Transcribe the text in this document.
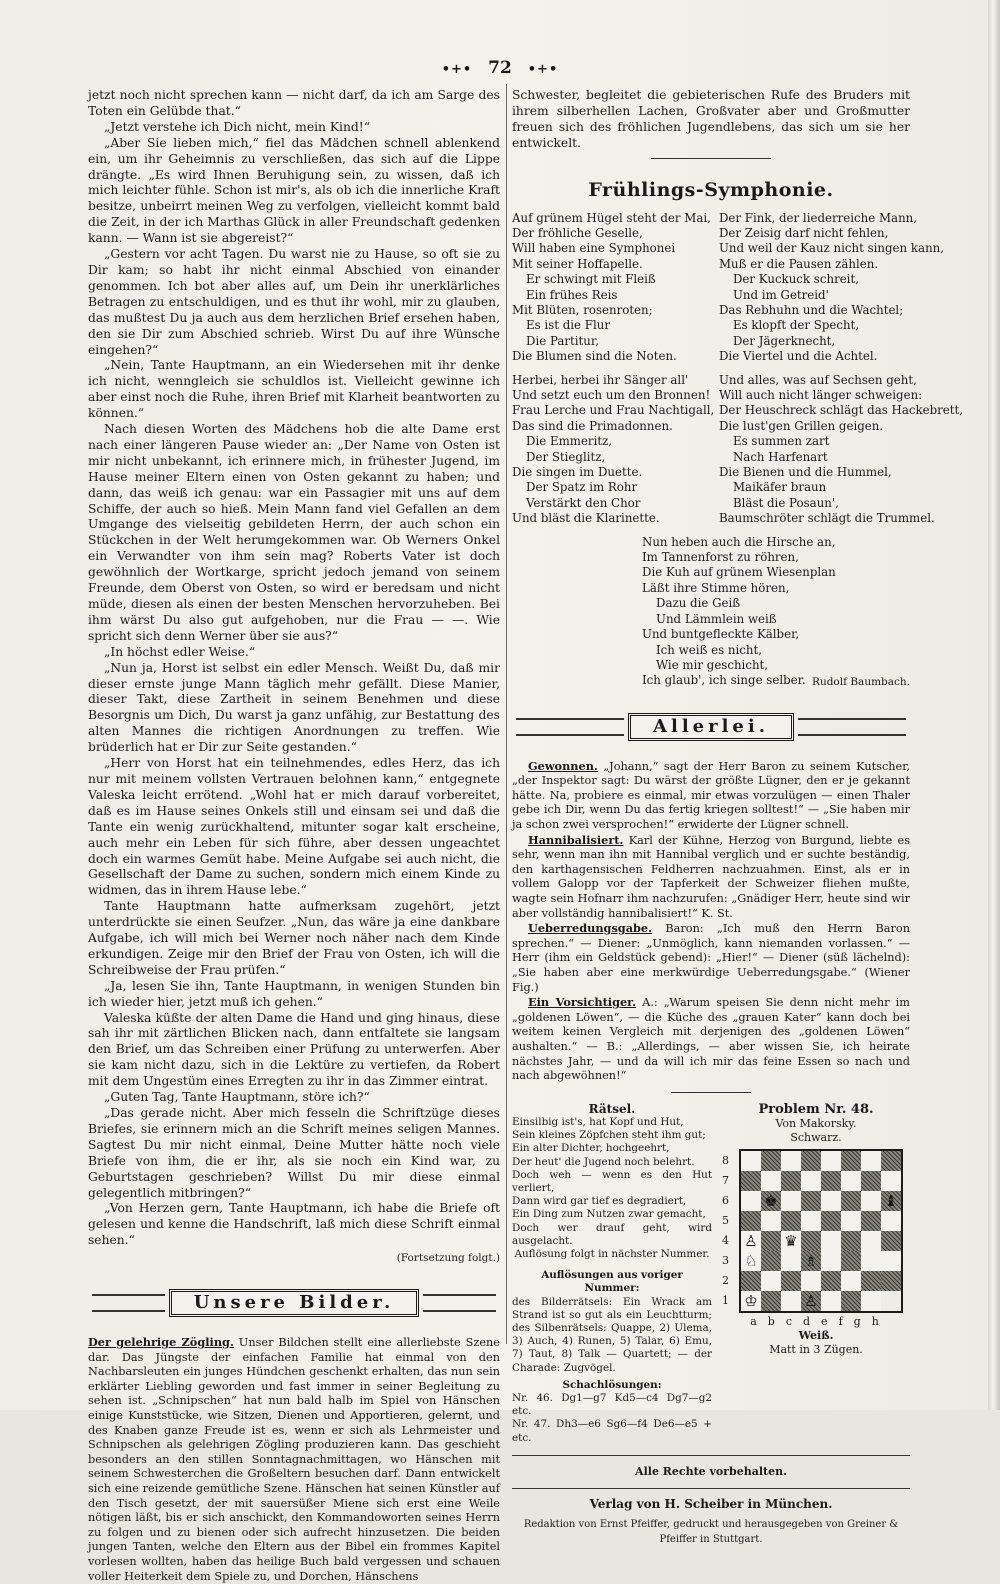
•+• 72 •+•

jetzt noch nicht sprechen kann — nicht darf, da ich am Sarge des Toten ein Gelübde that.“

„Jetzt verstehe ich Dich nicht, mein Kind!“

„Aber Sie lieben mich,“ fiel das Mädchen schnell ablenkend ein, um ihr Geheimnis zu verschließen, das sich auf die Lippe drängte. „Es wird Ihnen Beruhigung sein, zu wissen, daß ich mich leichter fühle. Schon ist mir's, als ob ich die innerliche Kraft besitze, unbeirrt meinen Weg zu verfolgen, vielleicht kommt bald die Zeit, in der ich Marthas Glück in aller Freundschaft gedenken kann. — Wann ist sie abgereist?“

„Gestern vor acht Tagen. Du warst nie zu Hause, so oft sie zu Dir kam; so habt ihr nicht einmal Abschied von einander genommen. Ich bot aber alles auf, um Dein ihr unerklärliches Betragen zu entschuldigen, und es thut ihr wohl, mir zu glauben, das mußtest Du ja auch aus dem herzlichen Brief ersehen haben, den sie Dir zum Abschied schrieb. Wirst Du auf ihre Wünsche eingehen?“

„Nein, Tante Hauptmann, an ein Wiedersehen mit ihr denke ich nicht, wenngleich sie schuldlos ist. Vielleicht gewinne ich aber einst noch die Ruhe, ihren Brief mit Klarheit beantworten zu können.“

Nach diesen Worten des Mädchens hob die alte Dame erst nach einer längeren Pause wieder an: „Der Name von Osten ist mir nicht unbekannt, ich erinnere mich, in frühester Jugend, im Hause meiner Eltern einen von Osten gekannt zu haben; und dann, das weiß ich genau: war ein Passagier mit uns auf dem Schiffe, der auch so hieß. Mein Mann fand viel Gefallen an dem Umgange des vielseitig gebildeten Herrn, der auch schon ein Stückchen in der Welt herumgekommen war. Ob Werners Onkel ein Verwandter von ihm sein mag? Roberts Vater ist doch gewöhnlich der Wortkarge, spricht jedoch jemand von seinem Freunde, dem Oberst von Osten, so wird er beredsam und nicht müde, diesen als einen der besten Menschen hervorzuheben. Bei ihm wärst Du also gut aufgehoben, nur die Frau — —. Wie spricht sich denn Werner über sie aus?“

„In höchst edler Weise.“

„Nun ja, Horst ist selbst ein edler Mensch. Weißt Du, daß mir dieser ernste junge Mann täglich mehr gefällt. Diese Manier, dieser Takt, diese Zartheit in seinem Benehmen und diese Besorgnis um Dich, Du warst ja ganz unfähig, zur Bestattung des alten Mannes die richtigen Anordnungen zu treffen. Wie brüderlich hat er Dir zur Seite gestanden.“

„Herr von Horst hat ein teilnehmendes, edles Herz, das ich nur mit meinem vollsten Vertrauen belohnen kann,“ entgegnete Valeska leicht errötend. „Wohl hat er mich darauf vorbereitet, daß es im Hause seines Onkels still und einsam sei und daß die Tante ein wenig zurückhaltend, mitunter sogar kalt erscheine, auch mehr ein Leben für sich führe, aber dessen ungeachtet doch ein warmes Gemüt habe. Meine Aufgabe sei auch nicht, die Gesellschaft der Dame zu suchen, sondern mich einem Kinde zu widmen, das in ihrem Hause lebe.“

Tante Hauptmann hatte aufmerksam zugehört, jetzt unterdrückte sie einen Seufzer. „Nun, das wäre ja eine dankbare Aufgabe, ich will mich bei Werner noch näher nach dem Kinde erkundigen. Zeige mir den Brief der Frau von Osten, ich will die Schreibweise der Frau prüfen.“

„Ja, lesen Sie ihn, Tante Hauptmann, in wenigen Stunden bin ich wieder hier, jetzt muß ich gehen.“

Valeska küßte der alten Dame die Hand und ging hinaus, diese sah ihr mit zärtlichen Blicken nach, dann entfaltete sie langsam den Brief, um das Schreiben einer Prüfung zu unterwerfen. Aber sie kam nicht dazu, sich in die Lektüre zu vertiefen, da Robert mit dem Ungestüm eines Erregten zu ihr in das Zimmer eintrat.

„Guten Tag, Tante Hauptmann, störe ich?“

„Das gerade nicht. Aber mich fesseln die Schriftzüge dieses Briefes, sie erinnern mich an die Schrift meines seligen Mannes. Sagtest Du mir nicht einmal, Deine Mutter hätte noch viele Briefe von ihm, die er ihr, als sie noch ein Kind war, zu Geburtstagen geschrieben? Willst Du mir diese einmal gelegentlich mitbringen?“

„Von Herzen gern, Tante Hauptmann, ich habe die Briefe oft gelesen und kenne die Handschrift, laß mich diese Schrift einmal sehen.“

(Fortsetzung folgt.)
Unsere Bilder.
Der gelehrige Zögling. Unser Bildchen stellt eine allerliebste Szene dar. Das Jüngste der einfachen Familie hat einmal von den Nachbarsleuten ein junges Hündchen geschenkt erhalten, das nun sein erklärter Liebling geworden und fast immer in seiner Begleitung zu sehen ist. „Schnipschen“ hat nun bald halb im Spiel von Hänschen einige Kunststücke, wie Sitzen, Dienen und Apportieren, gelernt, und des Knaben ganze Freude ist es, wenn er sich als Lehrmeister und Schnipschen als gelehrigen Zögling produzieren kann. Das geschieht besonders an den stillen Sonntagnachmittagen, wo Hänschen mit seinem Schwesterchen die Großeltern besuchen darf. Dann entwickelt sich eine reizende gemütliche Szene. Hänschen hat seinen Künstler auf den Tisch gesetzt, der mit sauersüßer Miene sich erst eine Weile nötigen läßt, bis er sich anschickt, den Kommandoworten seines Herrn zu folgen und zu bienen oder sich aufrecht hinzusetzen. Die beiden jungen Tanten, welche den Eltern aus der Bibel ein frommes Kapitel vorlesen wollten, haben das heilige Buch bald vergessen und schauen voller Heiterkeit dem Spiele zu, und Dorchen, Hänschens

Schwester, begleitet die gebieterischen Rufe des Bruders mit ihrem silberhellen Lachen, Großvater aber und Großmutter freuen sich des fröhlichen Jugendlebens, das sich um sie her entwickelt.

Frühlings-Symphonie.
Auf grünem Hügel steht der Mai,
Der fröhliche Geselle,
Will haben eine Symphonei
Mit seiner Hoffapelle.
Er schwingt mit Fleiß
Ein frühes Reis
Mit Blüten, rosenroten;
Es ist die Flur
Die Partitur,
Die Blumen sind die Noten.
Der Fink, der liederreiche Mann,
Der Zeisig darf nicht fehlen,
Und weil der Kauz nicht singen kann,
Muß er die Pausen zählen.
Der Kuckuck schreit,
Und im Getreid'
Das Rebhuhn und die Wachtel;
Es klopft der Specht,
Der Jägerknecht,
Die Viertel und die Achtel.
Herbei, herbei ihr Sänger all'
Und setzt euch um den Bronnen!
Frau Lerche und Frau Nachtigall,
Das sind die Primadonnen.
Die Emmeritz,
Der Stieglitz,
Die singen im Duette.
Der Spatz im Rohr
Verstärkt den Chor
Und bläst die Klarinette.
Und alles, was auf Sechsen geht,
Will auch nicht länger schweigen:
Der Heuschreck schlägt das Hackebrett,
Die lust'gen Grillen geigen.
Es summen zart
Nach Harfenart
Die Bienen und die Hummel,
Maikäfer braun
Bläst die Posaun',
Baumschröter schlägt die Trummel.
Nun heben auch die Hirsche an,
Im Tannenforst zu röhren,
Die Kuh auf grünem Wiesenplan
Läßt ihre Stimme hören,
Dazu die Geiß
Und Lämmlein weiß
Und buntgefleckte Kälber,
Ich weiß es nicht,
Wie mir geschicht,
Ich glaub', ich singe selber. Rudolf Baumbach.
Allerlei.

Gewonnen. „Johann,“ sagt der Herr Baron zu seinem Kutscher, „der Inspektor sagt: Du wärst der größte Lügner, den er je gekannt hätte. Na, probiere es einmal, mir etwas vorzulügen — einen Thaler gebe ich Dir, wenn Du das fertig kriegen solltest!“ — „Sie haben mir ja schon zwei versprochen!“ erwiderte der Lügner schnell.

Hannibalisiert. Karl der Kühne, Herzog von Burgund, liebte es sehr, wenn man ihn mit Hannibal verglich und er suchte beständig, den karthagensischen Feldherren nachzuahmen. Einst, als er in vollem Galopp vor der Tapferkeit der Schweizer fliehen mußte, wagte sein Hofnarr ihm nachzurufen: „Gnädiger Herr, heute sind wir aber vollständig hannibalisiert!“ K. St.

Ueberredungsgabe. Baron: „Ich muß den Herrn Baron sprechen.“ — Diener: „Unmöglich, kann niemanden vorlassen.“ — Herr (ihm ein Geldstück gebend): „Hier!“ — Diener (süß lächelnd): „Sie haben aber eine merkwürdige Ueberredungsgabe.“ (Wiener Fig.)

Ein Vorsichtiger. A.: „Warum speisen Sie denn nicht mehr im „goldenen Löwen“, — die Küche des „grauen Kater“ kann doch bei weitem keinen Vergleich mit derjenigen des „goldenen Löwen“ aushalten.“ — B.: „Allerdings, — aber wissen Sie, ich heirate nächstes Jahr, — und da will ich mir das feine Essen so nach und nach abgewöhnen!“

Rätsel.
Einsilbig ist's, hat Kopf und Hut,
Sein kleines Zöpfchen steht ihm gut;
Ein alter Dichter, hochgeehrt,
Der heut' die Jugend noch belehrt.
Doch weh — wenn es den Hut verliert,
Dann wird gar tief es degradiert,
Ein Ding zum Nutzen zwar gemacht,
Doch wer drauf geht, wird ausgelacht.
Auflösung folgt in nächster Nummer.
Auflösungen aus voriger Nummer:
des Bilderrätsels: Ein Wrack am Strand ist so gut als ein Leuchtturm; des Silbenrätsels: Quappe, 2) Ulema, 3) Auch, 4) Runen, 5) Talar, 6) Emu, 7) Taut, 8) Talk — Quartett; — der Charade: Zugvögel.
Schachlösungen:
Nr. 46. Dg1—g7 Kd5—c4 Dg7—g2 etc.
Nr. 47. Dh3—e6 Sg6—f4 De6—e5 + etc.
Problem Nr. 48.
Von Makorsky.
Schwarz.
8
7
6
5
4
3
2
1
♚	♝
♙ ♛
♘	♗
♔	♙
abcdefgh
Weiß.
Matt in 3 Zügen.
Alle Rechte vorbehalten.
Verlag von H. Scheiber in München.
Redaktion von Ernst Pfeiffer, gedruckt und herausgegeben von Greiner & Pfeiffer in Stuttgart.
